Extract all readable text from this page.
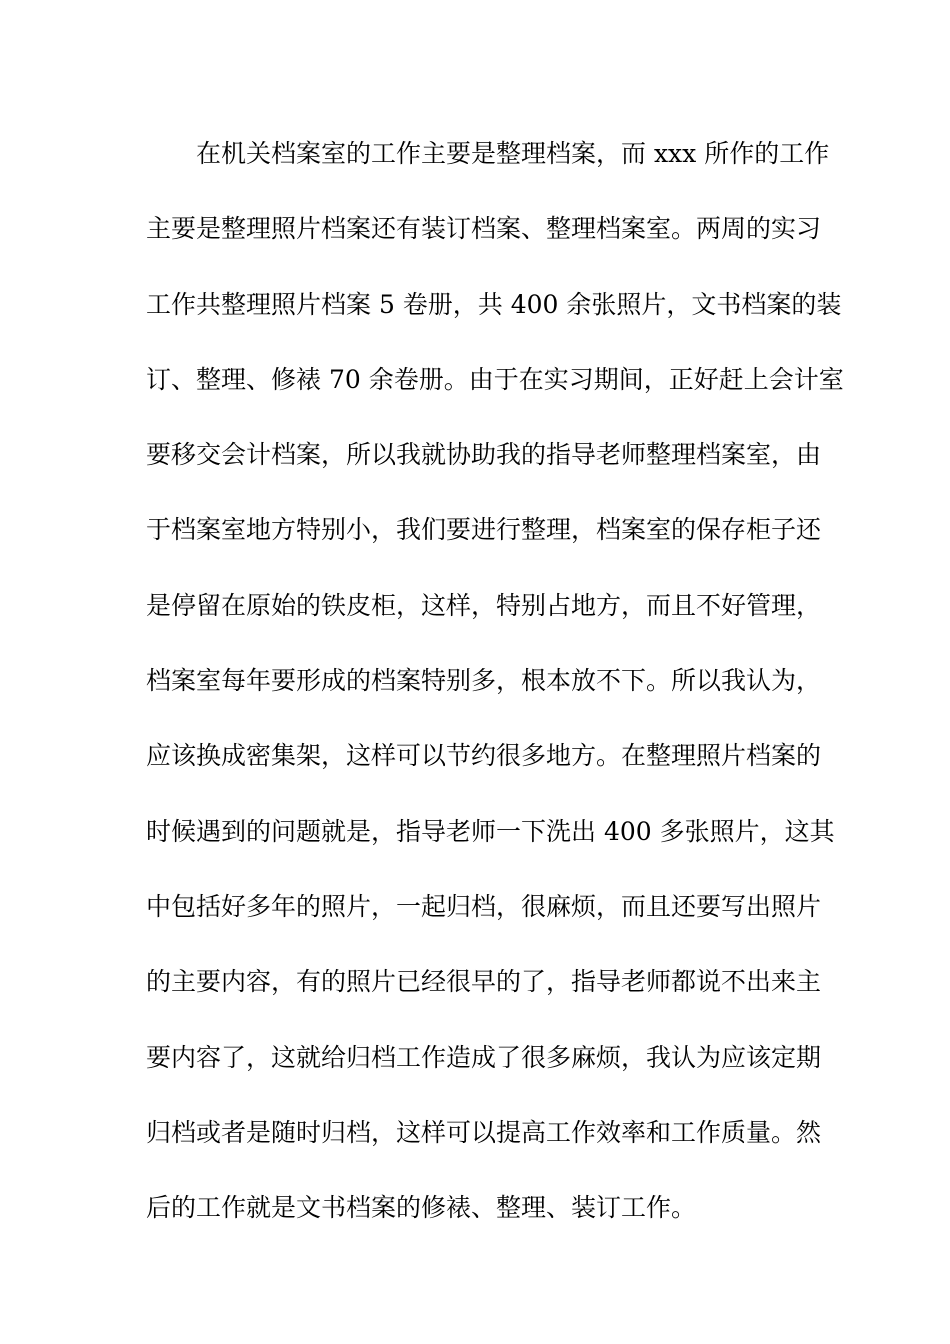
在机关档案室的工作主要是整理档案，而 xxx 所作的工作
主要是整理照片档案还有装订档案、整理档案室。两周的实习
工作共整理照片档案 5 卷册，共 400 余张照片，文书档案的装
订、整理、修裱 70 余卷册。由于在实习期间，正好赶上会计室
要移交会计档案，所以我就协助我的指导老师整理档案室，由
于档案室地方特别小，我们要进行整理，档案室的保存柜子还
是停留在原始的铁皮柜，这样，特别占地方，而且不好管理，
档案室每年要形成的档案特别多，根本放不下。所以我认为，
应该换成密集架，这样可以节约很多地方。在整理照片档案的
时候遇到的问题就是，指导老师一下洗出 400 多张照片，这其
中包括好多年的照片，一起归档，很麻烦，而且还要写出照片
的主要内容，有的照片已经很早的了，指导老师都说不出来主
要内容了，这就给归档工作造成了很多麻烦，我认为应该定期
归档或者是随时归档，这样可以提高工作效率和工作质量。然
后的工作就是文书档案的修裱、整理、装订工作。
